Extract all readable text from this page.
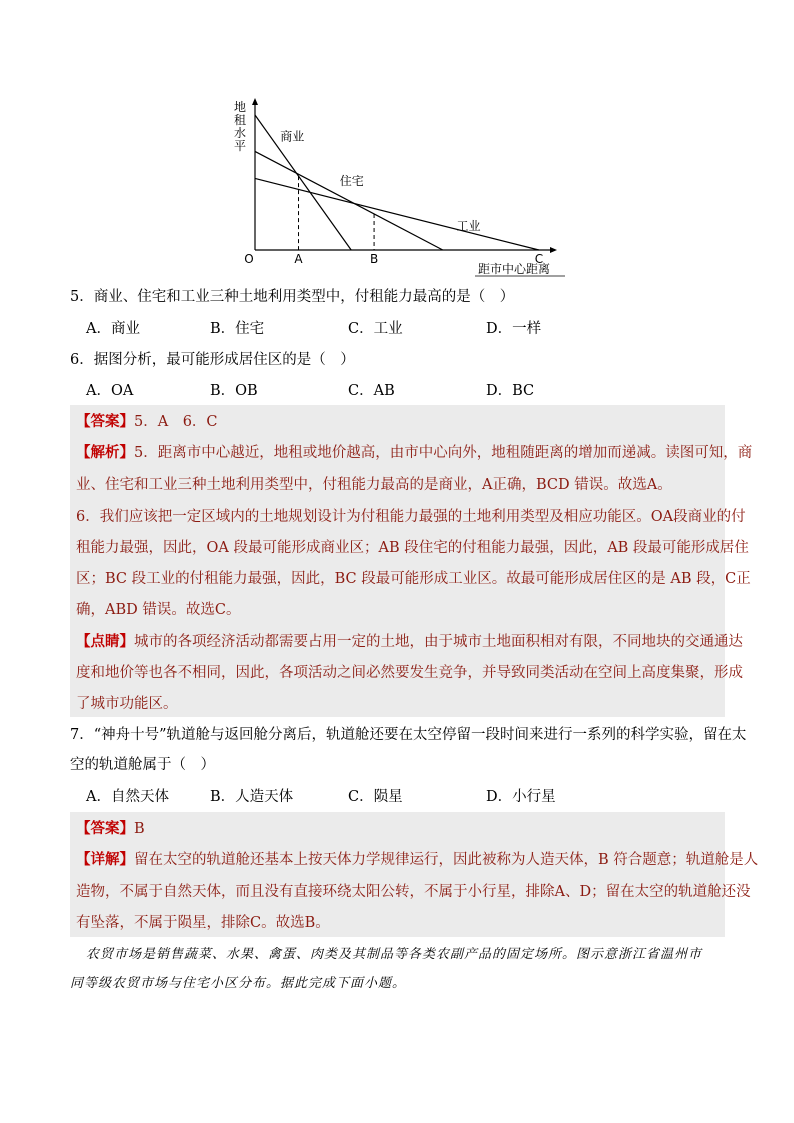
地租水平
距市中心距离
O
商业
住宅
工业
A	B	C
5．商业、住宅和工业三种土地利用类型中，付租能力最高的是（　）
A．商业	B．住宅	C．工业	D．一样
6．据图分析，最可能形成居住区的是（　）
A．OA	B．OB	C．AB	D．BC
【答案】5．A　6．C
【解析】5．距离市中心越近，地租或地价越高，由市中心向外，地租随距离的增加而递减。读图可知，商
业、住宅和工业三种土地利用类型中，付租能力最高的是商业，A正确，BCD 错误。故选A。
6．我们应该把一定区域内的土地规划设计为付租能力最强的土地利用类型及相应功能区。OA段商业的付
租能力最强，因此，OA 段最可能形成商业区；AB 段住宅的付租能力最强，因此，AB 段最可能形成居住
区；BC 段工业的付租能力最强，因此，BC 段最可能形成工业区。故最可能形成居住区的是 AB 段，C正
确，ABD 错误。故选C。
【点睛】城市的各项经济活动都需要占用一定的土地，由于城市土地面积相对有限，不同地块的交通通达
度和地价等也各不相同，因此，各项活动之间必然要发生竞争，并导致同类活动在空间上高度集聚，形成
了城市功能区。
7．“神舟十号”轨道舱与返回舱分离后，轨道舱还要在太空停留一段时间来进行一系列的科学实验，留在太
空的轨道舱属于（　）
A．自然天体	B．人造天体	C．陨星	D．小行星
【答案】B
【详解】留在太空的轨道舱还基本上按天体力学规律运行，因此被称为人造天体，B 符合题意；轨道舱是人
造物，不属于自然天体，而且没有直接环绕太阳公转，不属于小行星，排除A、D；留在太空的轨道舱还没
有坠落，不属于陨星，排除C。故选B。
农贸市场是销售蔬菜、水果、禽蛋、肉类及其制品等各类农副产品的固定场所。图示意浙江省温州市
同等级农贸市场与住宅小区分布。据此完成下面小题。
